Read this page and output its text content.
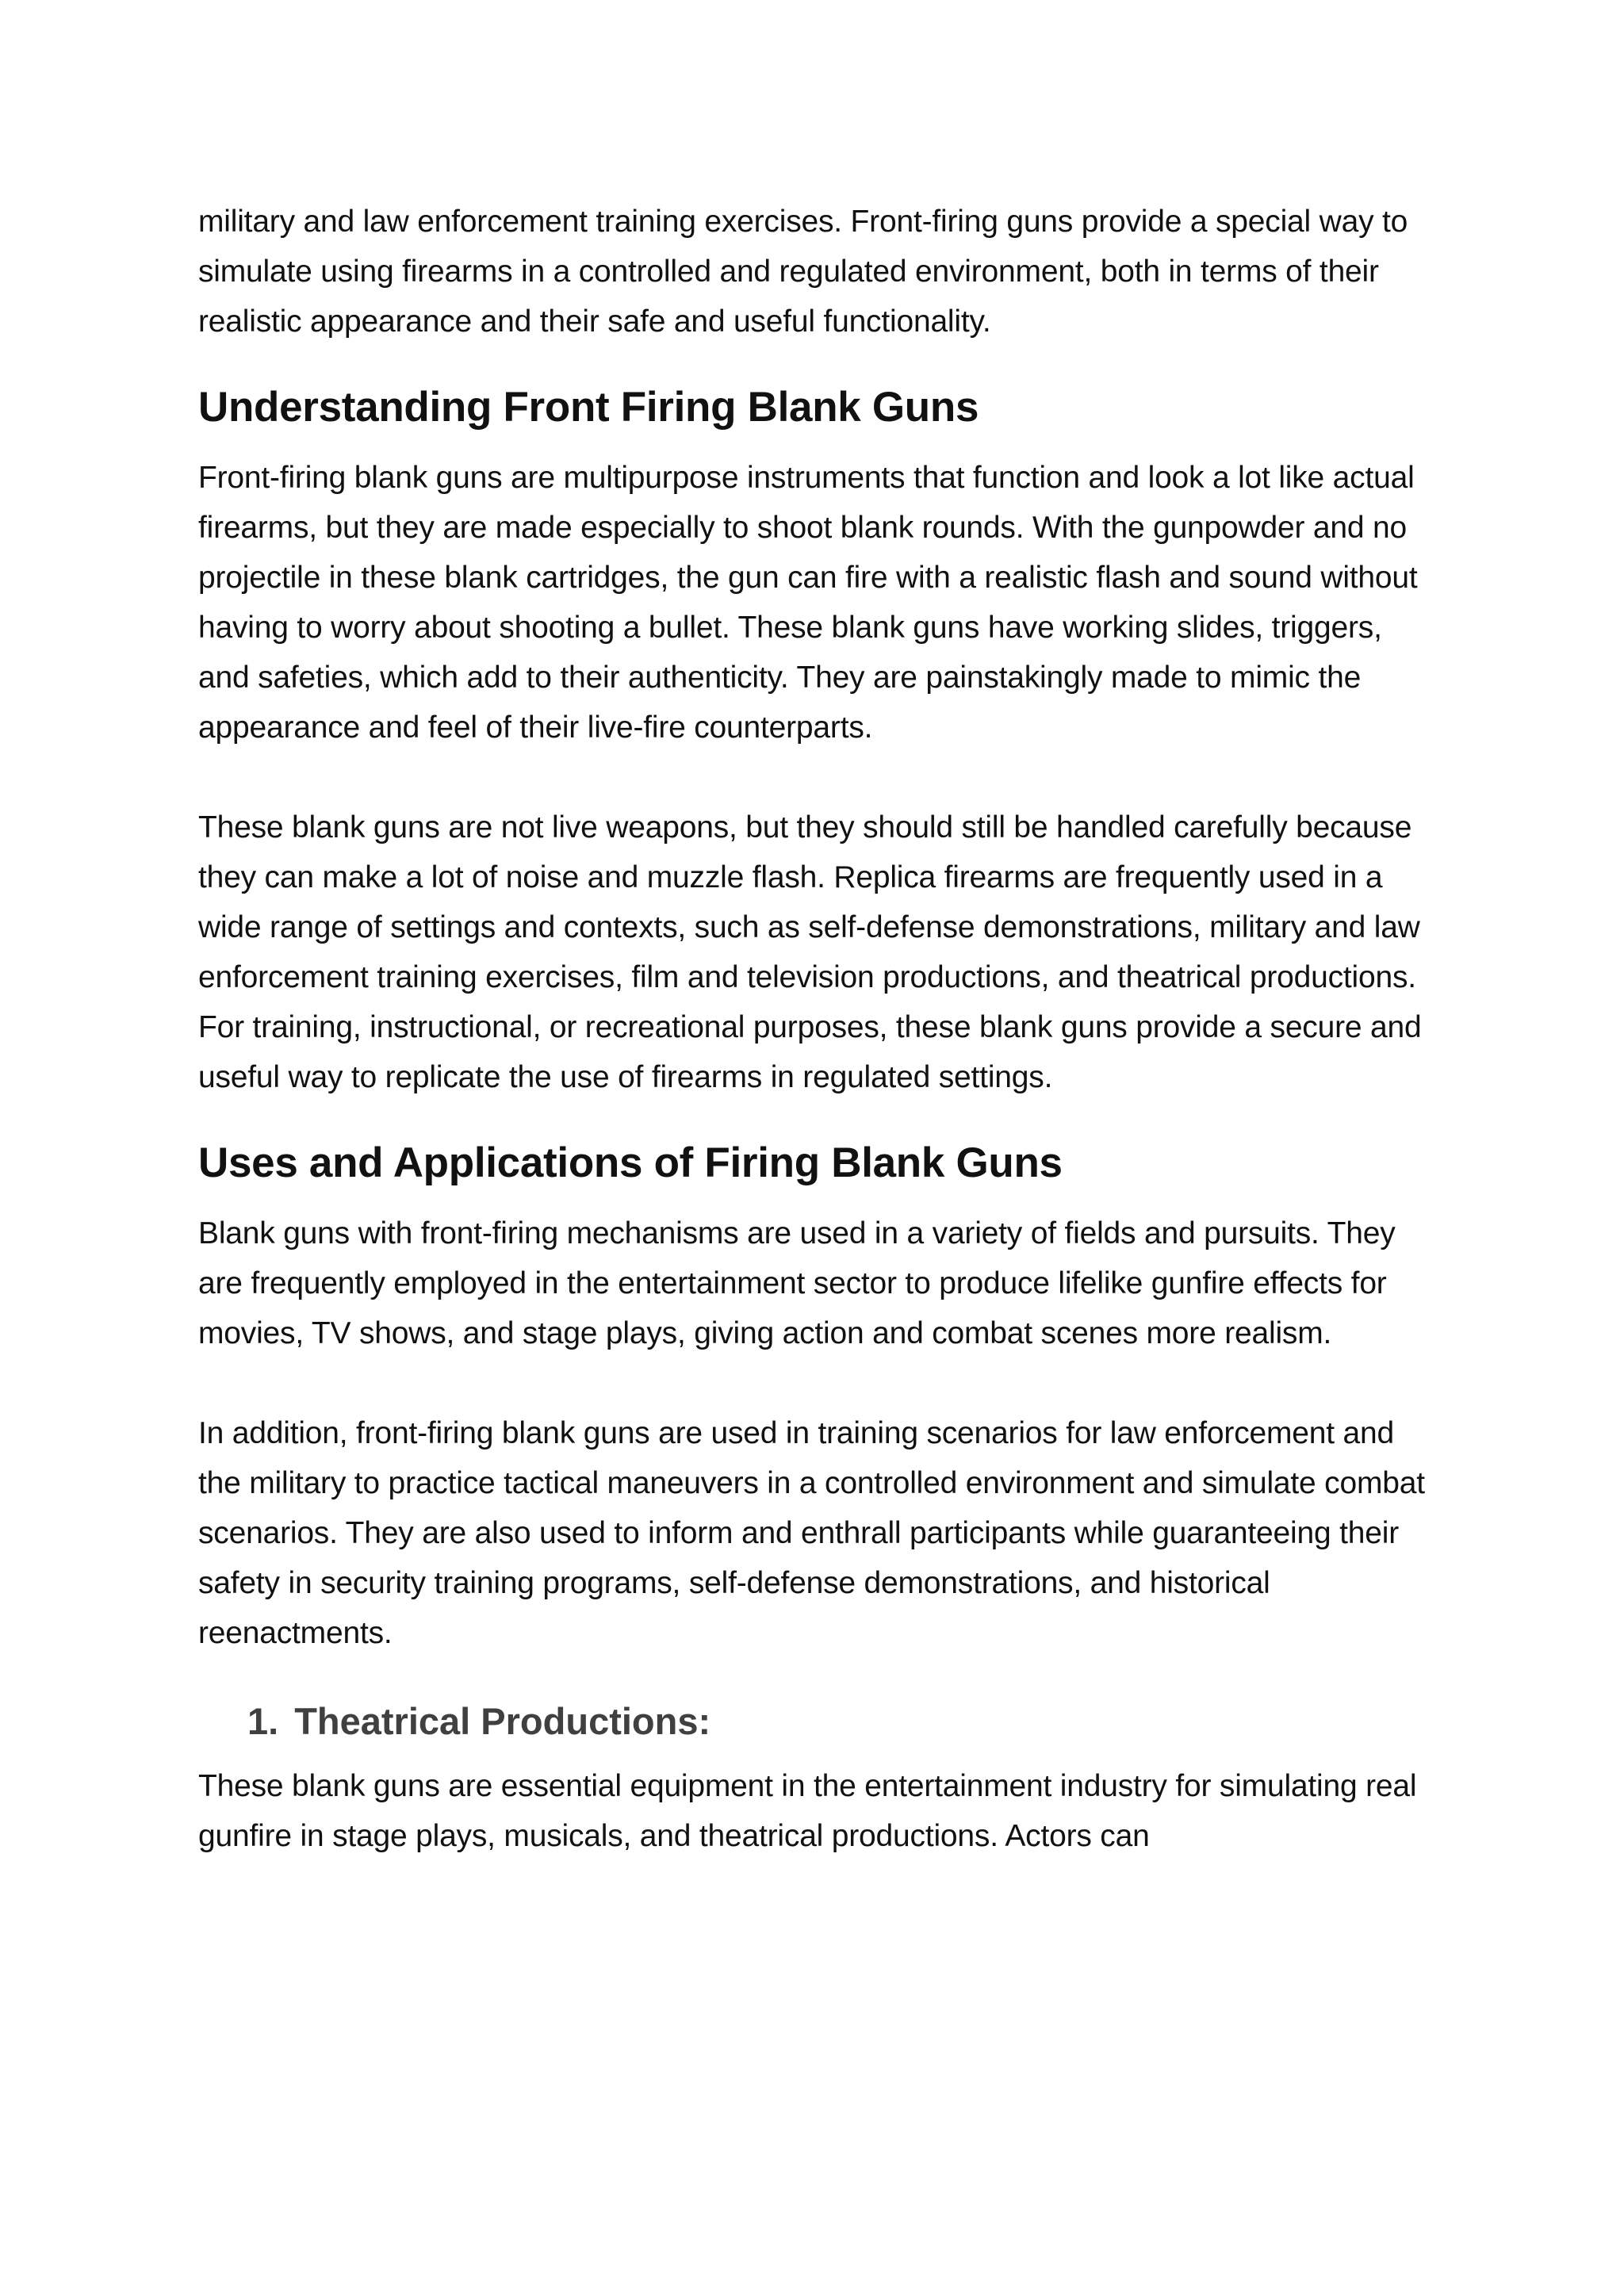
military and law enforcement training exercises. Front-firing guns provide a special way to simulate using firearms in a controlled and regulated environment, both in terms of their realistic appearance and their safe and useful functionality.

Understanding Front Firing Blank Guns

Front-firing blank guns are multipurpose instruments that function and look a lot like actual firearms, but they are made especially to shoot blank rounds. With the gunpowder and no projectile in these blank cartridges, the gun can fire with a realistic flash and sound without having to worry about shooting a bullet. These blank guns have working slides, triggers, and safeties, which add to their authenticity. They are painstakingly made to mimic the appearance and feel of their live-fire counterparts.

These blank guns are not live weapons, but they should still be handled carefully because they can make a lot of noise and muzzle flash. Replica firearms are frequently used in a wide range of settings and contexts, such as self-defense demonstrations, military and law enforcement training exercises, film and television productions, and theatrical productions. For training, instructional, or recreational purposes, these blank guns provide a secure and useful way to replicate the use of firearms in regulated settings.

Uses and Applications of Firing Blank Guns

Blank guns with front-firing mechanisms are used in a variety of fields and pursuits. They are frequently employed in the entertainment sector to produce lifelike gunfire effects for movies, TV shows, and stage plays, giving action and combat scenes more realism.

In addition, front-firing blank guns are used in training scenarios for law enforcement and the military to practice tactical maneuvers in a controlled environment and simulate combat scenarios. They are also used to inform and enthrall participants while guaranteeing their safety in security training programs, self-defense demonstrations, and historical reenactments.

1. Theatrical Productions:

These blank guns are essential equipment in the entertainment industry for simulating real gunfire in stage plays, musicals, and theatrical productions. Actors can
